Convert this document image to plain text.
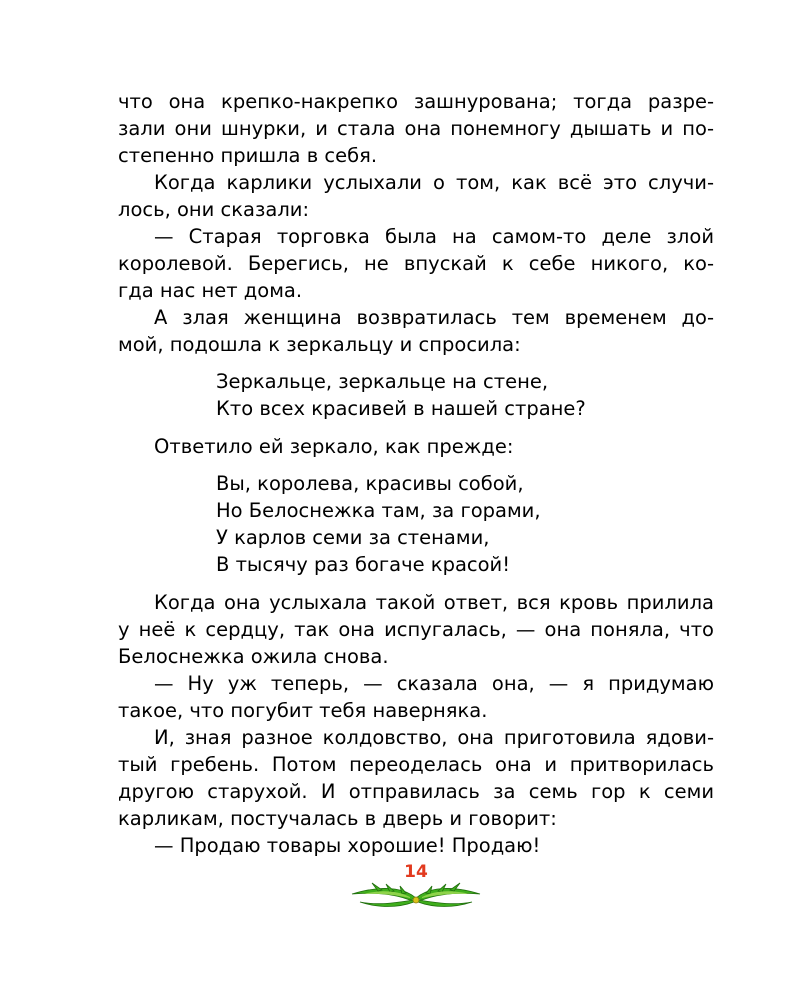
что она крепко-накрепко зашнурована; тогда разре-

зали они шнурки, и стала она понемногу дышать и по-

степенно пришла в себя.

Когда карлики услыхали о том, как всё это случи-

лось, они сказали:

— Старая торговка была на самом-то деле злой

королевой. Берегись, не впускай к себе никого, ко-

гда нас нет дома.

А злая женщина возвратилась тем временем до-

мой, подошла к зеркальцу и спросила:

Зеркальце, зеркальце на стене,
Кто всех красивей в нашей стране?

Ответило ей зеркало, как прежде:

Вы, королева, красивы собой,
Но Белоснежка там, за горами,
У карлов семи за стенами,
В тысячу раз богаче красой!

Когда она услыхала такой ответ, вся кровь прилила

у неё к сердцу, так она испугалась, — она поняла, что

Белоснежка ожила снова.

— Ну уж теперь, — сказала она, — я придумаю

такое, что погубит тебя наверняка.

И, зная разное колдовство, она приготовила ядови-

тый гребень. Потом переоделась она и притворилась

другою старухой. И отправилась за семь гор к семи

карликам, постучалась в дверь и говорит:

— Продаю товары хорошие! Продаю!

14
